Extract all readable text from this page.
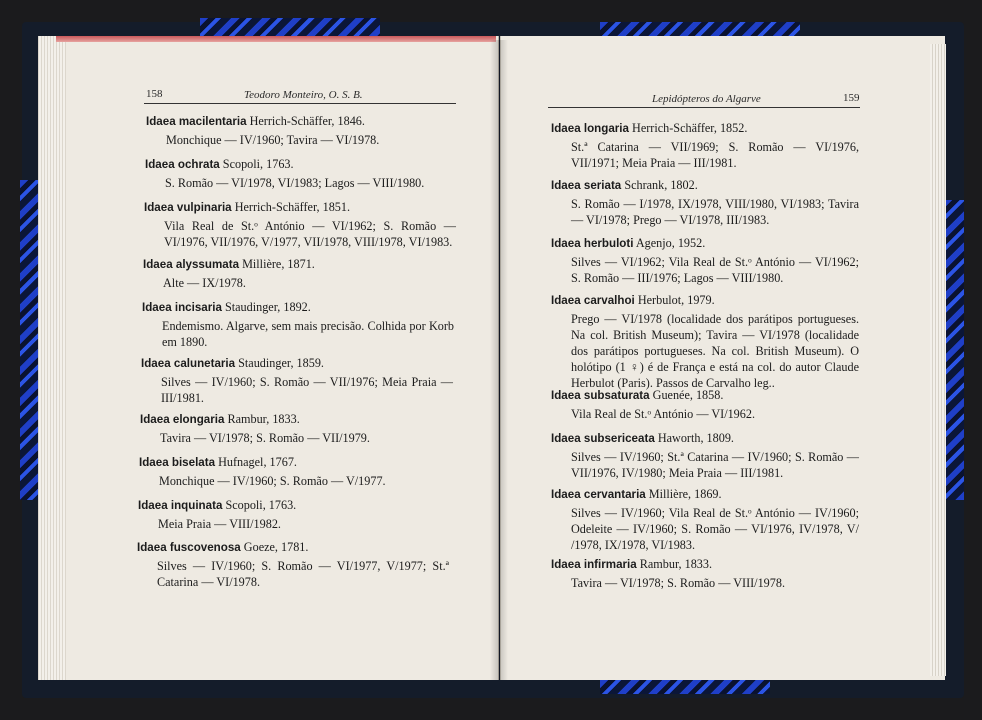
158	Teodoro Monteiro, O. S. B.	Lepidópteros do Algarve	159
Idaea macilentaria Herrich-Schäffer, 1846.
Monchique — IV/1960; Tavira — VI/1978.
Idaea ochrata Scopoli, 1763.
S. Romão — VI/1978, VI/1983; Lagos — VIII/1980.
Idaea vulpinaria Herrich-Schäffer, 1851.
Vila Real de St.ᵒ António — VI/1962; S. Romão — VI/1976, VII/1976, V/1977, VII/1978, VIII/1978, VI/1983.
Idaea alyssumata Millière, 1871.
Alte — IX/1978.
Idaea incisaria Staudinger, 1892.
Endemismo. Algarve, sem mais precisão. Colhida por Korb em 1890.
Idaea calunetaria Staudinger, 1859.
Silves — IV/1960; S. Romão — VII/1976; Meia Praia — III/1981.
Idaea elongaria Rambur, 1833.
Tavira — VI/1978; S. Romão — VII/1979.
Idaea biselata Hufnagel, 1767.
Monchique — IV/1960; S. Romão — V/1977.
Idaea inquinata Scopoli, 1763.
Meia Praia — VIII/1982.
Idaea fuscovenosa Goeze, 1781.
Silves — IV/1960; S. Romão — VI/1977, V/1977; St.ª Catarina — VI/1978.
Idaea longaria Herrich-Schäffer, 1852.
St.ª Catarina — VII/1969; S. Romão — VI/1976, VII/1971; Meia Praia — III/1981.
Idaea seriata Schrank, 1802.
S. Romão — I/1978, IX/1978, VIII/1980, VI/1983; Tavira — VI/1978; Prego — VI/1978, III/1983.
Idaea herbuloti Agenjo, 1952.
Silves — VI/1962; Vila Real de St.ᵒ António — VI/1962; S. Romão — III/1976; Lagos — VIII/1980.
Idaea carvalhoi Herbulot, 1979.
Prego — VI/1978 (localidade dos parátipos portugueses. Na col. British Museum); Tavira — VI/1978 (localidade dos parátipos portugueses. Na col. British Museum). O holótipo (1 ♀) é de França e está na col. do autor Claude Herbulot (Paris). Passos de Carvalho leg..
Idaea subsaturata Guenée, 1858.
Vila Real de St.ᵒ António — VI/1962.
Idaea subsericeata Haworth, 1809.
Silves — IV/1960; St.ª Catarina — IV/1960; S. Romão — VII/1976, IV/1980; Meia Praia — III/1981.
Idaea cervantaria Millière, 1869.
Silves — IV/1960; Vila Real de St.ᵒ António — IV/1960; Odeleite — IV/1960; S. Romão — VI/1976, IV/1978, V/ /1978, IX/1978, VI/1983.
Idaea infirmaria Rambur, 1833.
Tavira — VI/1978; S. Romão — VIII/1978.
